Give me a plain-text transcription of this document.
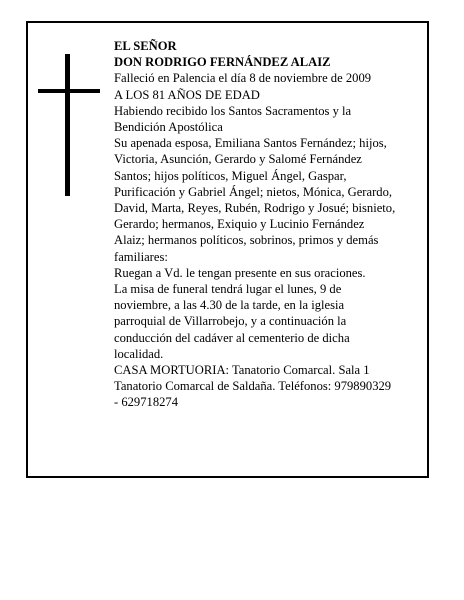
EL SEÑOR

DON RODRIGO FERNÁNDEZ ALAIZ

Falleció en Palencia el día 8 de noviembre de 2009

A LOS 81 AÑOS DE EDAD

Habiendo recibido los Santos Sacramentos y la Bendición Apostólica

Su apenada esposa, Emiliana Santos Fernández; hijos, Victoria, Asunción, Gerardo y Salomé Fernández Santos; hijos políticos, Miguel Ángel, Gaspar, Purificación y Gabriel Ángel; nietos, Mónica, Gerardo, David, Marta, Reyes, Rubén, Rodrigo y Josué; bisnieto, Gerardo; hermanos, Exiquio y Lucinio Fernández Alaiz; hermanos políticos, sobrinos, primos y demás familiares:

Ruegan a Vd. le tengan presente en sus oraciones.

La misa de funeral tendrá lugar el lunes, 9 de noviembre, a las 4.30 de la tarde, en la iglesia parroquial de Villarrobejo, y a continuación la conducción del cadáver al cementerio de dicha localidad.

CASA MORTUORIA: Tanatorio Comarcal. Sala 1 Tanatorio Comarcal de Saldaña. Teléfonos: 979890329 - 629718274
